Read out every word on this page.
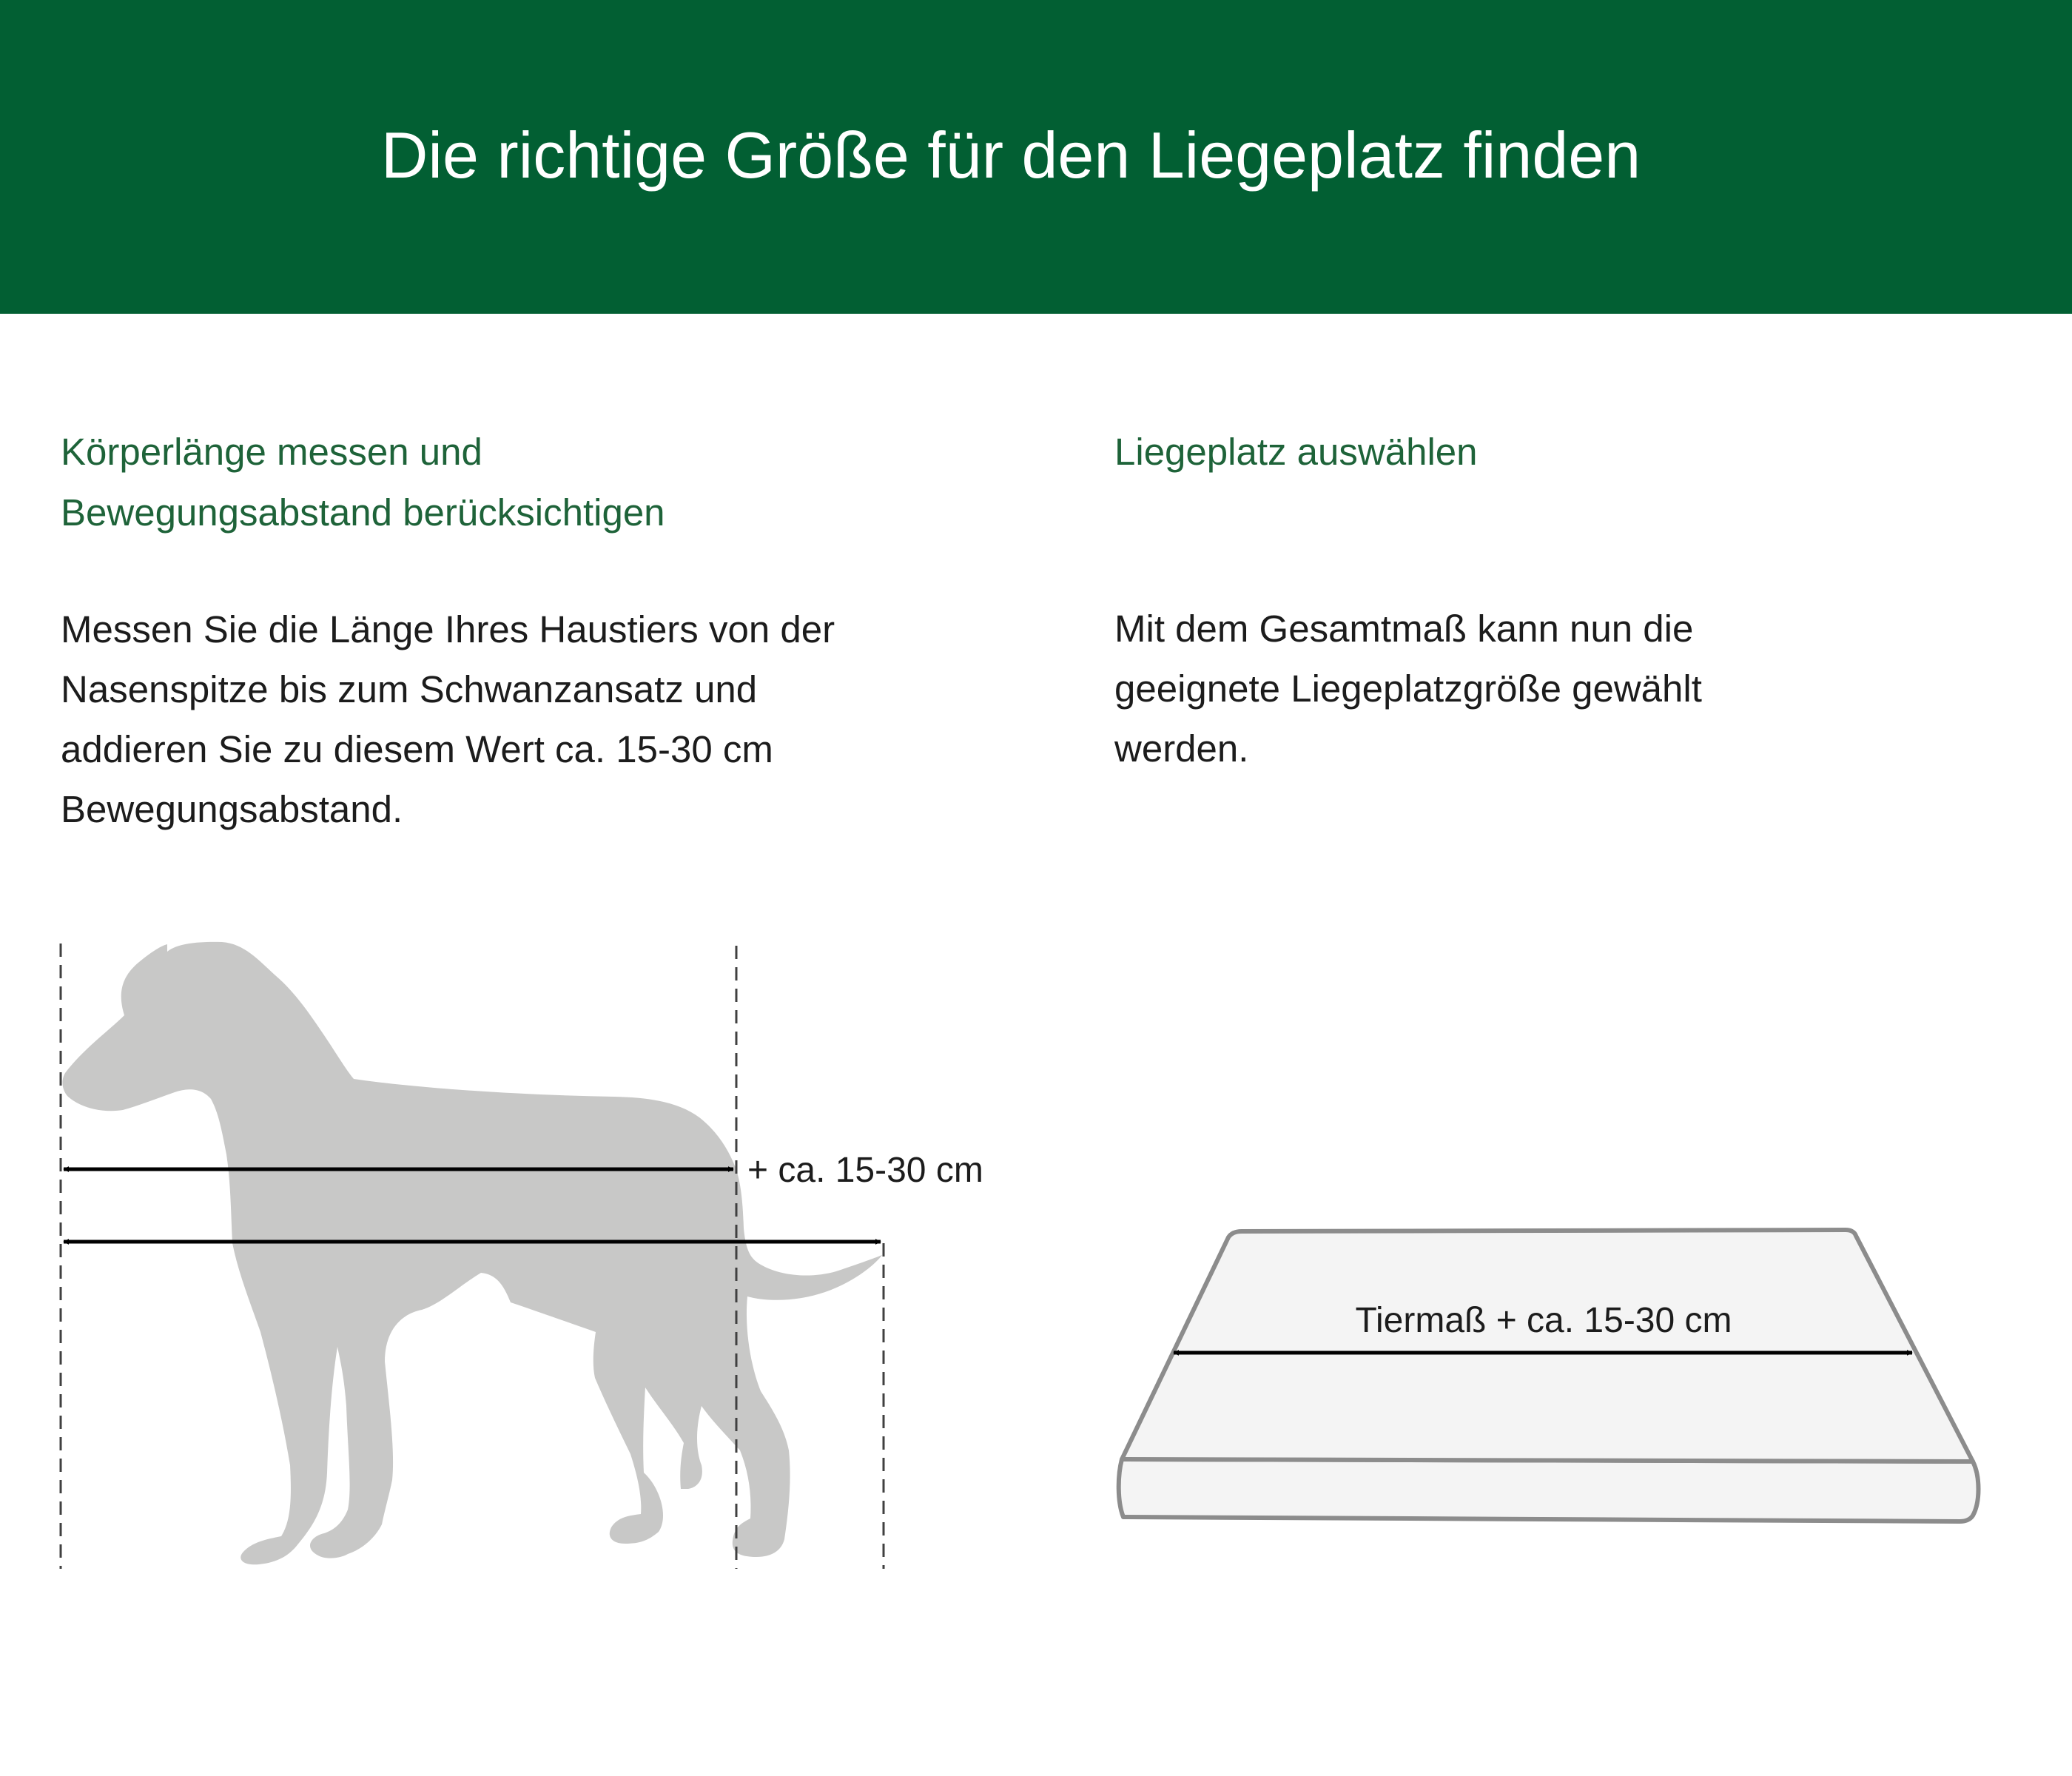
Die richtige Größe für den Liegeplatz finden
Körperlänge messen und
Bewegungsabstand berücksichtigen
Messen Sie die Länge Ihres Haustiers von der
Nasenspitze bis zum Schwanzansatz und
addieren Sie zu diesem Wert ca. 15-30 cm
Bewegungsabstand.
Liegeplatz auswählen
Mit dem Gesamtmaß kann nun die
geeignete Liegeplatzgröße gewählt
werden.
+ ca. 15-30 cm
Tiermaß + ca. 15-30 cm
